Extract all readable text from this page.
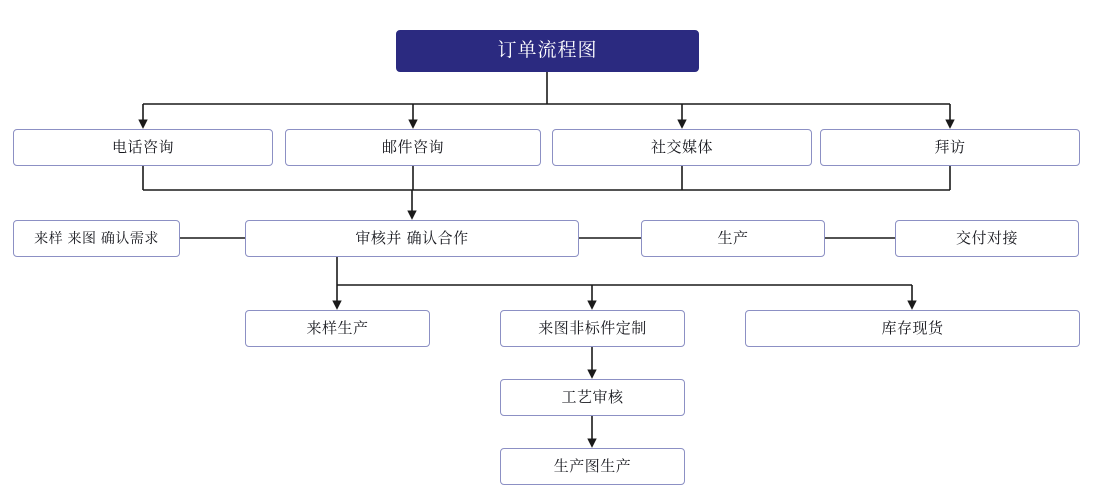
订单流程图
电话咨询	邮件咨询	社交媒体	拜访
来样 来图 确认需求	审核并 确认合作	生产	交付对接
来样生产	来图非标件定制	库存现货
工艺审核
生产图生产
